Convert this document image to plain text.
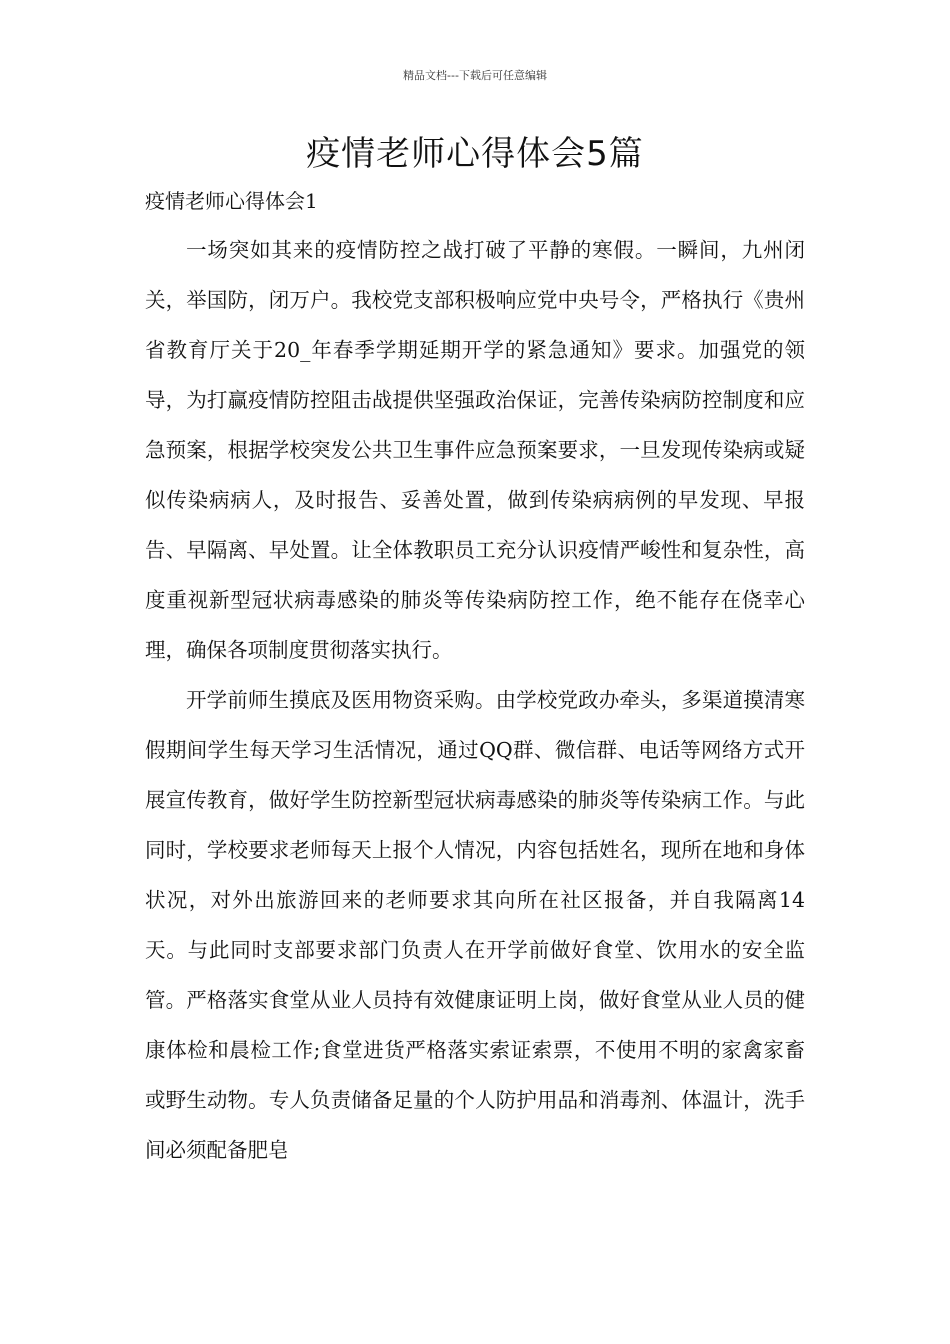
精品文档---下载后可任意编辑
疫情老师心得体会5篇
疫情老师心得体会1

一场突如其来的疫情防控之战打破了平静的寒假。一瞬间，九州闭关，举国防，闭万户。我校党支部积极响应党中央号令，严格执行《贵州省教育厅关于20_年春季学期延期开学的紧急通知》要求。加强党的领导，为打赢疫情防控阻击战提供坚强政治保证，完善传染病防控制度和应急预案，根据学校突发公共卫生事件应急预案要求，一旦发现传染病或疑似传染病病人，及时报告、妥善处置，做到传染病病例的早发现、早报告、早隔离、早处置。让全体教职员工充分认识疫情严峻性和复杂性，高度重视新型冠状病毒感染的肺炎等传染病防控工作，绝不能存在侥幸心理，确保各项制度贯彻落实执行。

开学前师生摸底及医用物资采购。由学校党政办牵头，多渠道摸清寒假期间学生每天学习生活情况，通过QQ群、微信群、电话等网络方式开展宣传教育，做好学生防控新型冠状病毒感染的肺炎等传染病工作。与此同时，学校要求老师每天上报个人情况，内容包括姓名，现所在地和身体状况，对外出旅游回来的老师要求其向所在社区报备，并自我隔离14天。与此同时支部要求部门负责人在开学前做好食堂、饮用水的安全监管。严格落实食堂从业人员持有效健康证明上岗，做好食堂从业人员的健康体检和晨检工作;食堂进货严格落实索证索票，不使用不明的家禽家畜或野生动物。专人负责储备足量的个人防护用品和消毒剂、体温计，洗手间必须配备肥皂
